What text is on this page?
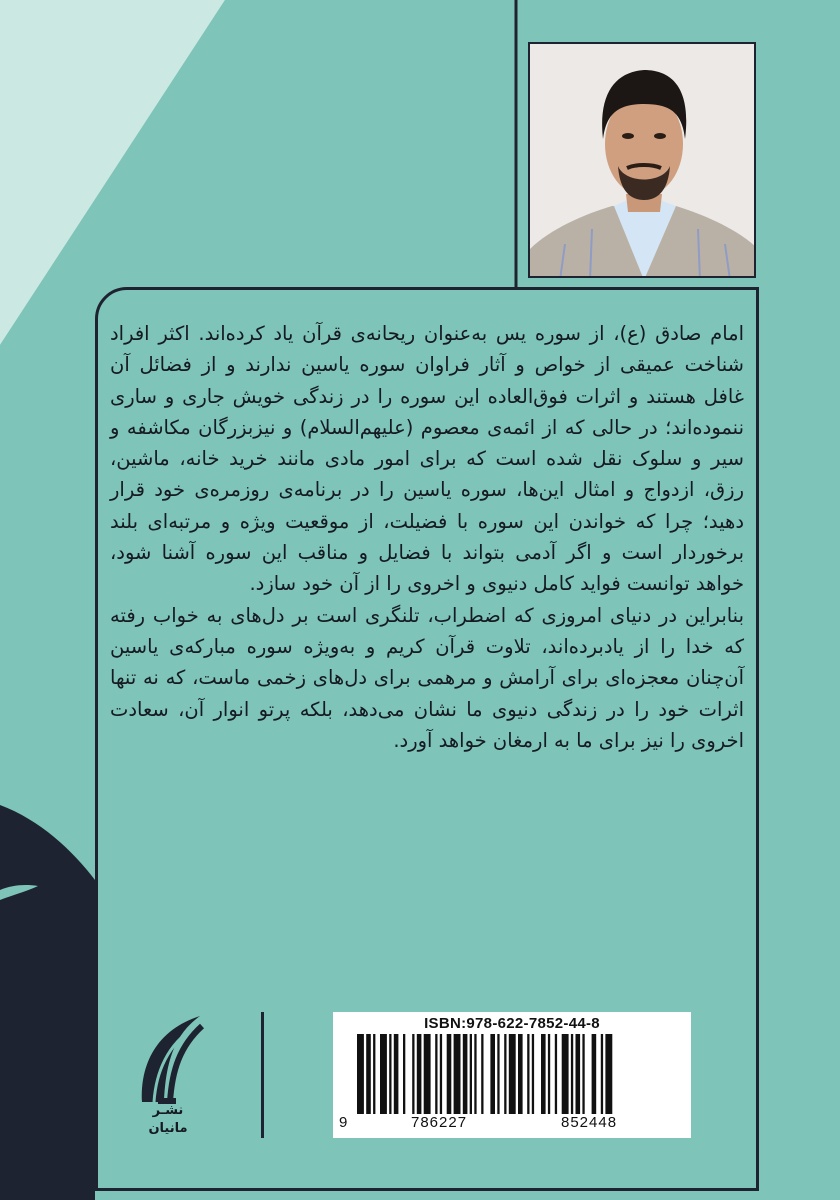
امام صادق (ع)، از سوره یس به‌عنوان ریحانه‌ی قرآن یاد کرده‌اند. اکثر افراد شناخت عمیقی از خواص و آثار فراوان سوره یاسین ندارند و از فضائل آن غافل هستند و اثرات فوق‌العاده این سوره را در زندگی خویش جاری و ساری ننموده‌اند؛ در حالی که از ائمه‌ی معصوم (علیهم‌السلام) و نیزبزرگان مکاشفه و سیر و سلوک نقل شده است که برای امور مادی مانند خرید خانه، ماشین، رزق، ازدواج و امثال این‌ها، سوره یاسین را در برنامه‌ی روزمره‌ی خود قرار دهید؛ چرا که خواندن این سوره با فضیلت، از موقعیت ویژه و مرتبه‌ای بلند برخوردار است و اگر آدمی بتواند با فضایل و مناقب این سوره آشنا شود، خواهد توانست فواید کامل دنیوی و اخروی را از آن خود سازد.

بنابراین در دنیای امروزی که اضطراب، تلنگری است بر دل‌های به خواب رفته که خدا را از یادبرده‌اند، تلاوت قرآن کریم و به‌ویژه سوره مبارکه‌ی یاسین آن‌چنان معجزه‌ای برای آرامش و مرهمی برای دل‌های زخمی ماست، که نه تنها اثرات خود را در زندگی دنیوی ما نشان می‌دهد، بلکه پرتو انوار آن، سعادت اخروی را نیز برای ما به ارمغان خواهد آورد.

نشـر
مانیان
ISBN:978-622-7852-44-8
9	786227	852448
